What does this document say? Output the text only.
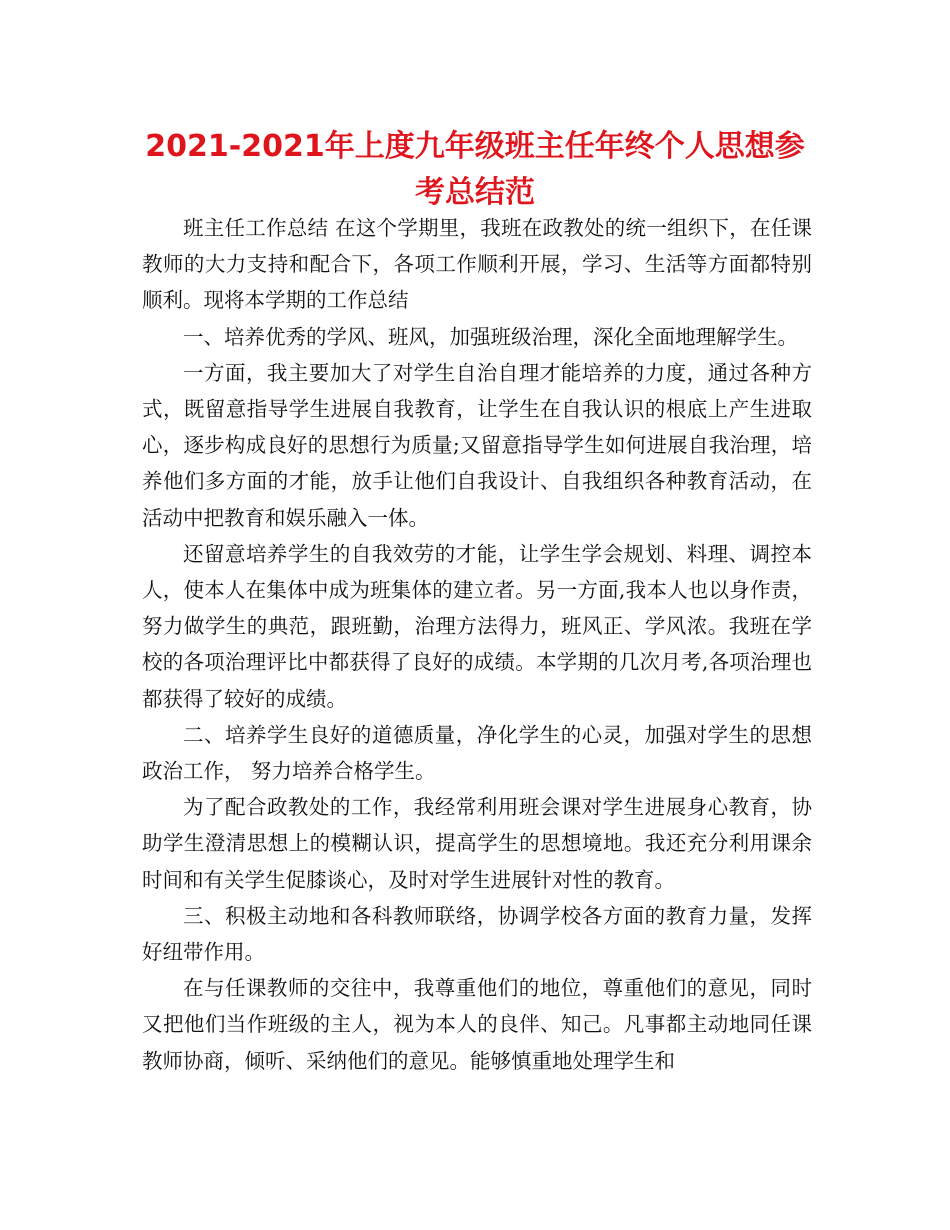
2021-2021年上度九年级班主任年终个人思想参考总结范

班主任工作总结 在这个学期里，我班在政教处的统一组织下，在任课教师的大力支持和配合下，各项工作顺利开展，学习、生活等方面都特别顺利。现将本学期的工作总结

一、培养优秀的学风、班风，加强班级治理，深化全面地理解学生。

一方面，我主要加大了对学生自治自理才能培养的力度，通过各种方式，既留意指导学生进展自我教育，让学生在自我认识的根底上产生进取心，逐步构成良好的思想行为质量;又留意指导学生如何进展自我治理，培养他们多方面的才能，放手让他们自我设计、自我组织各种教育活动，在活动中把教育和娱乐融入一体。

还留意培养学生的自我效劳的才能，让学生学会规划、料理、调控本人，使本人在集体中成为班集体的建立者。另一方面,我本人也以身作责，努力做学生的典范，跟班勤，治理方法得力，班风正、学风浓。我班在学校的各项治理评比中都获得了良好的成绩。本学期的几次月考,各项治理也都获得了较好的成绩。

二、培养学生良好的道德质量，净化学生的心灵，加强对学生的思想政治工作， 努力培养合格学生。

为了配合政教处的工作，我经常利用班会课对学生进展身心教育，协助学生澄清思想上的模糊认识，提高学生的思想境地。我还充分利用课余时间和有关学生促膝谈心，及时对学生进展针对性的教育。

三、积极主动地和各科教师联络，协调学校各方面的教育力量，发挥好纽带作用。

在与任课教师的交往中，我尊重他们的地位，尊重他们的意见，同时又把他们当作班级的主人，视为本人的良伴、知己。凡事都主动地同任课教师协商，倾听、采纳他们的意见。能够慎重地处理学生和
